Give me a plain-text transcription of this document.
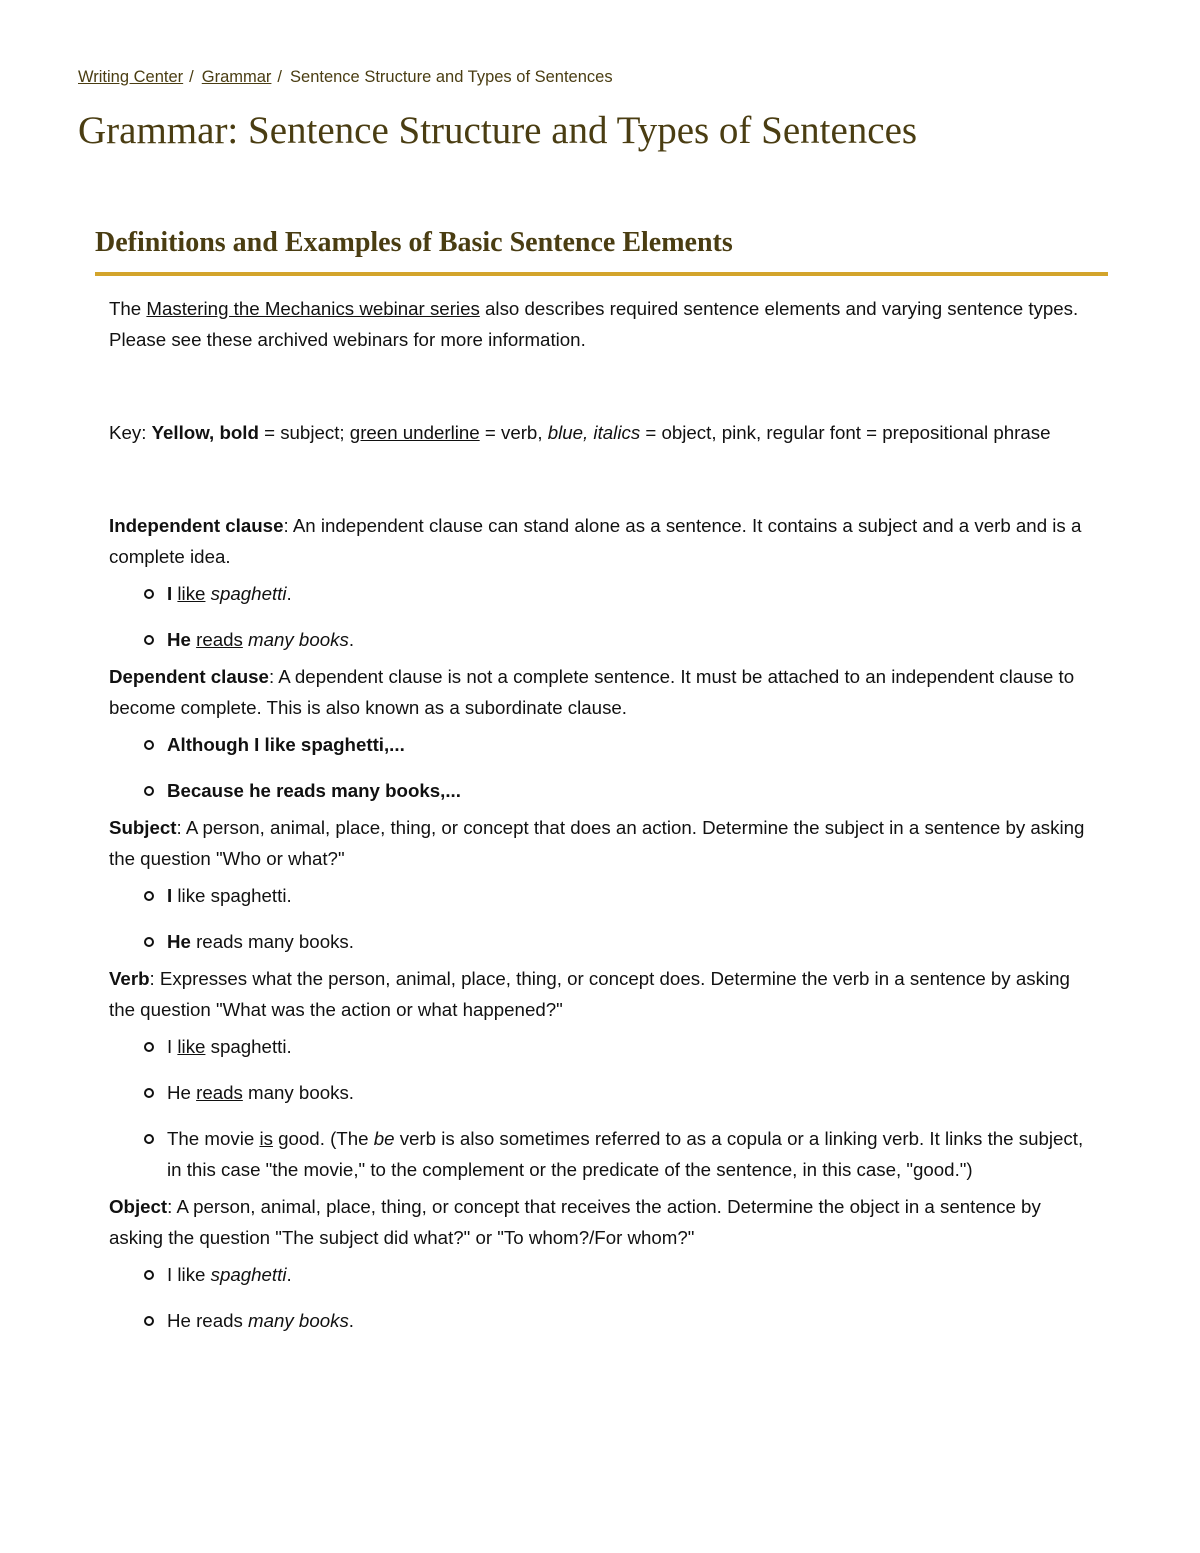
Writing Center / Grammar / Sentence Structure and Types of Sentences
Grammar: Sentence Structure and Types of Sentences
Definitions and Examples of Basic Sentence Elements

The Mastering the Mechanics webinar series also describes required sentence elements and varying sentence types. Please see these archived webinars for more information.

Key: Yellow, bold = subject; green underline = verb, blue, italics = object, pink, regular font = prepositional phrase

Independent clause: An independent clause can stand alone as a sentence. It contains a subject and a verb and is a complete idea.

I like spaghetti.
He reads many books.

Dependent clause: A dependent clause is not a complete sentence. It must be attached to an independent clause to become complete. This is also known as a subordinate clause.

Although I like spaghetti,...
Because he reads many books,...

Subject: A person, animal, place, thing, or concept that does an action. Determine the subject in a sentence by asking the question "Who or what?"

I like spaghetti.
He reads many books.

Verb: Expresses what the person, animal, place, thing, or concept does. Determine the verb in a sentence by asking the question "What was the action or what happened?"

I like spaghetti.
He reads many books.
The movie is good. (The be verb is also sometimes referred to as a copula or a linking verb. It links the subject, in this case "the movie," to the complement or the predicate of the sentence, in this case, "good.")

Object: A person, animal, place, thing, or concept that receives the action. Determine the object in a sentence by asking the question "The subject did what?" or "To whom?/For whom?"

I like spaghetti.
He reads many books.
